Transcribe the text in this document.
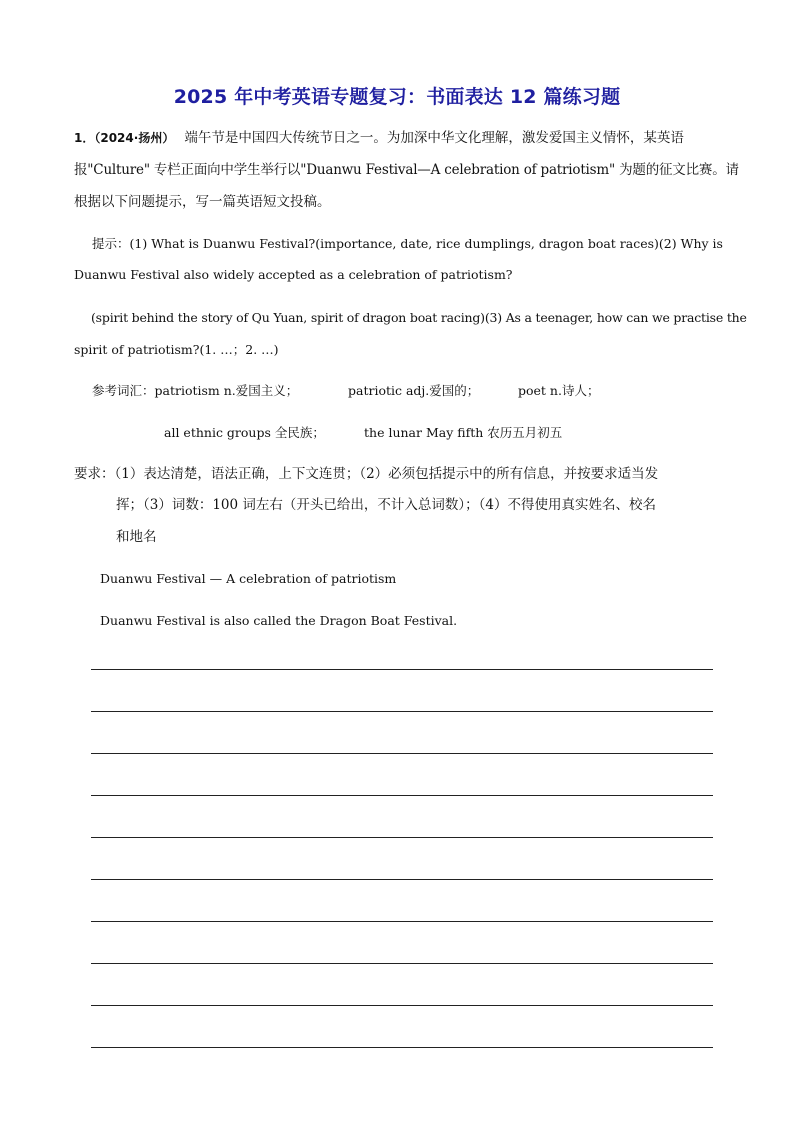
2025 年中考英语专题复习：书面表达 12 篇练习题
1．（2024·扬州） 端午节是中国四大传统节日之一。为加深中华文化理解，激发爱国主义情怀，某英语
报"Culture" 专栏正面向中学生举行以"Duanwu Festival—A celebration of patriotism" 为题的征文比赛。请
根据以下问题提示，写一篇英语短文投稿。
提示：(1) What is Duanwu Festival?(importance, date, rice dumplings, dragon boat races)(2) Why is
Duanwu Festival also widely accepted as a celebration of patriotism?
(spirit behind the story of Qu Yuan, spirit of dragon boat racing)(3) As a teenager, how can we practise the
spirit of patriotism?(1. …；2. …)
参考词汇：patriotism n.爱国主义；	patriotic adj.爱国的；	poet n.诗人；
all ethnic groups 全民族；	the lunar May fifth 农历五月初五
要求：（1）表达清楚，语法正确，上下文连贯；（2）必须包括提示中的所有信息，并按要求适当发
挥；（3）词数：100 词左右（开头已给出，不计入总词数）；（4）不得使用真实姓名、校名
和地名
Duanwu Festival — A celebration of patriotism
Duanwu Festival is also called the Dragon Boat Festival.
